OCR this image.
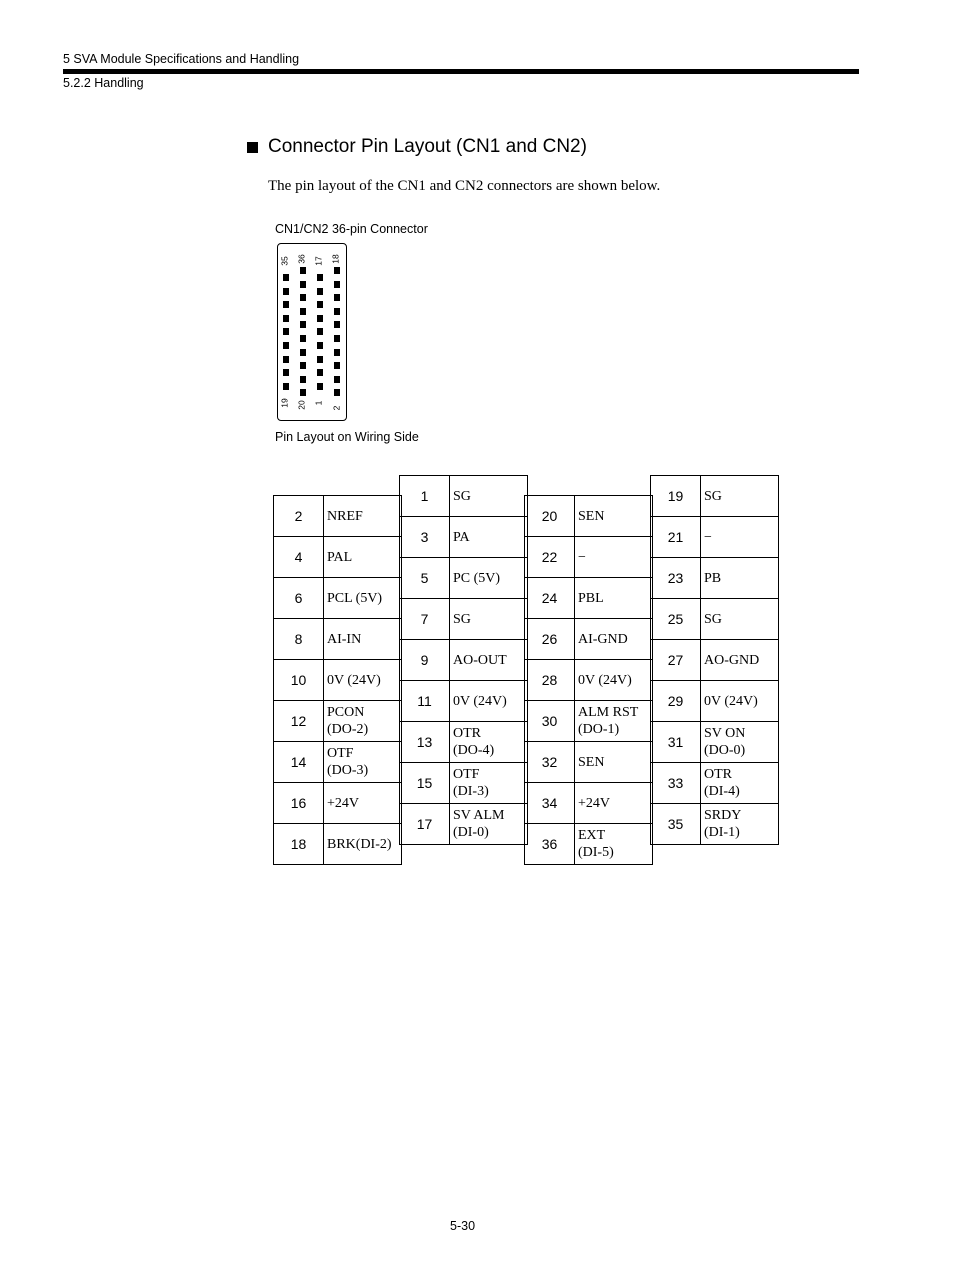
5 SVA Module Specifications and Handling
5.2.2 Handling
Connector Pin Layout (CN1 and CN2)
The pin layout of the CN1 and CN2 connectors are shown below.
CN1/CN2 36-pin Connector
35 36 17 18
19 20 1
2
Pin Layout on Wiring Side
2	NREF
4	PAL
6	PCL (5V)
8	AI-IN
10	0V (24V)
12	PCON
(DO-2)
14	OTF
(DO-3)
16	+24V
18	BRK(DI-2)
1	SG
3	PA
5	PC (5V)
7	SG
9	AO-OUT
11	0V (24V)
13	OTR
(DO-4)
15	OTF
(DI-3)
17	SV ALM
(DI-0)
20	SEN
22	−
24	PBL
26	AI-GND
28	0V (24V)
30	ALM RST
(DO-1)
32	SEN
34	+24V
36	EXT
(DI-5)
19	SG
21	−
23	PB
25	SG
27	AO-GND
29	0V (24V)
31	SV ON
(DO-0)
33	OTR
(DI-4)
35	SRDY
(DI-1)
5-30
